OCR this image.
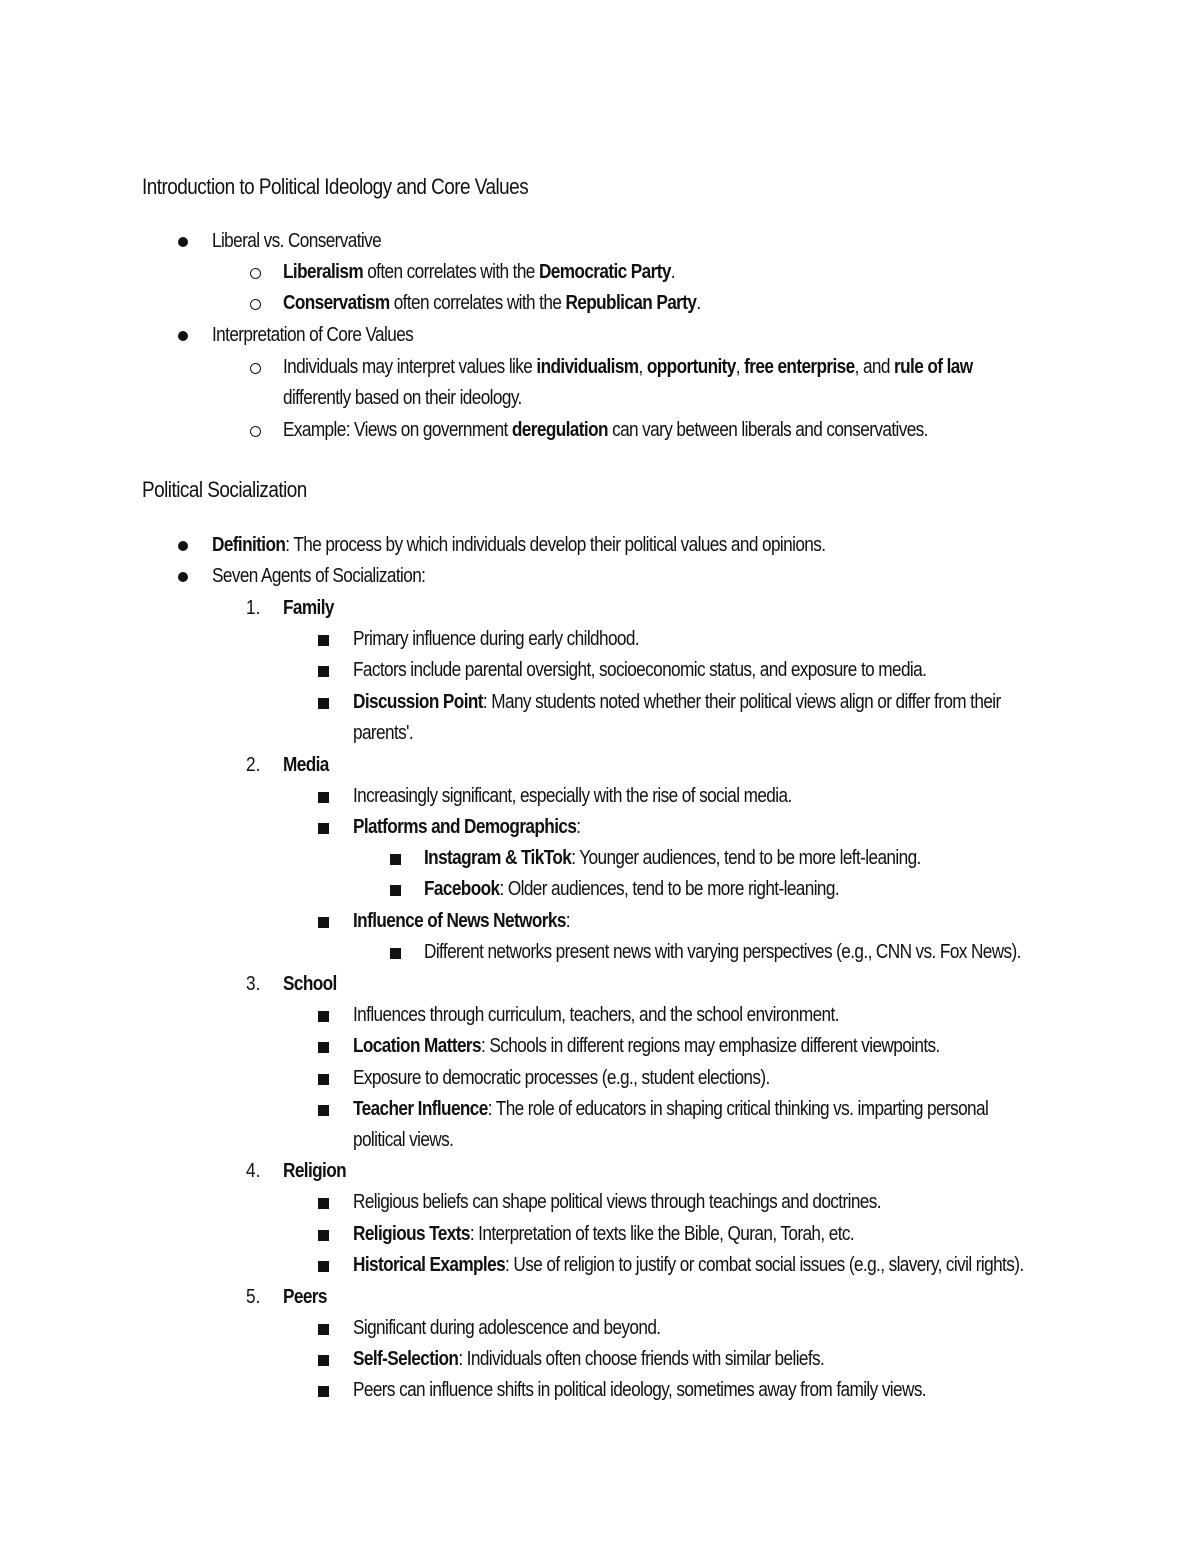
Introduction to Political Ideology and Core Values
Liberal vs. Conservative
Liberalism often correlates with the Democratic Party.
Conservatism often correlates with the Republican Party.
Interpretation of Core Values
Individuals may interpret values like individualism, opportunity, free enterprise, and rule of law
differently based on their ideology.
Example: Views on government deregulation can vary between liberals and conservatives.
Political Socialization
Definition: The process by which individuals develop their political values and opinions.
Seven Agents of Socialization:
1. Family
Primary influence during early childhood.
Factors include parental oversight, socioeconomic status, and exposure to media.
Discussion Point: Many students noted whether their political views align or differ from their
parents'.
2. Media
Increasingly significant, especially with the rise of social media.
Platforms and Demographics:
Instagram & TikTok: Younger audiences, tend to be more left-leaning.
Facebook: Older audiences, tend to be more right-leaning.
Influence of News Networks:
Different networks present news with varying perspectives (e.g., CNN vs. Fox News).
3. School
Influences through curriculum, teachers, and the school environment.
Location Matters: Schools in different regions may emphasize different viewpoints.
Exposure to democratic processes (e.g., student elections).
Teacher Influence: The role of educators in shaping critical thinking vs. imparting personal
political views.
4. Religion
Religious beliefs can shape political views through teachings and doctrines.
Religious Texts: Interpretation of texts like the Bible, Quran, Torah, etc.
Historical Examples: Use of religion to justify or combat social issues (e.g., slavery, civil rights).
5. Peers
Significant during adolescence and beyond.
Self-Selection: Individuals often choose friends with similar beliefs.
Peers can influence shifts in political ideology, sometimes away from family views.
